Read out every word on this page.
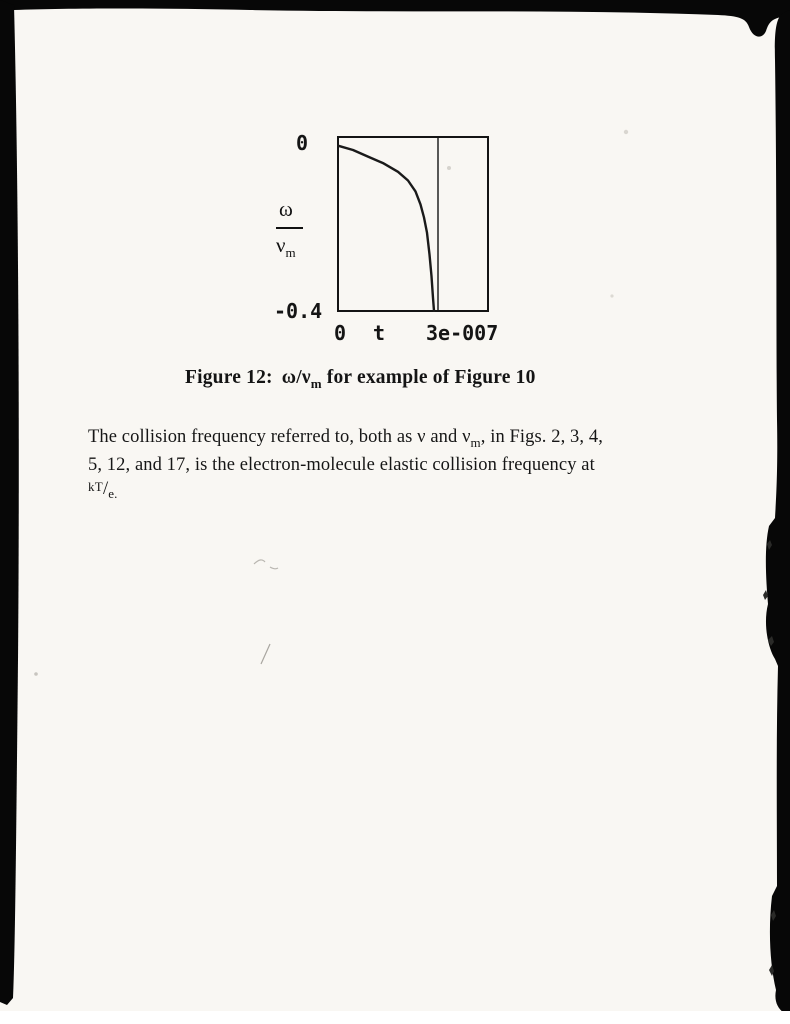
0
ω
$\nu_m$
-0.4
0 t 3e-007
Figure 12: $\omega/\nu_m$ for example of Figure 10
The collision frequency referred to, both as ν and $\nu_m$, in Figs. 2, 3, 4,
5, 12, and 17, is the electron-molecule elastic collision frequency at
$kT/_{e.}$
